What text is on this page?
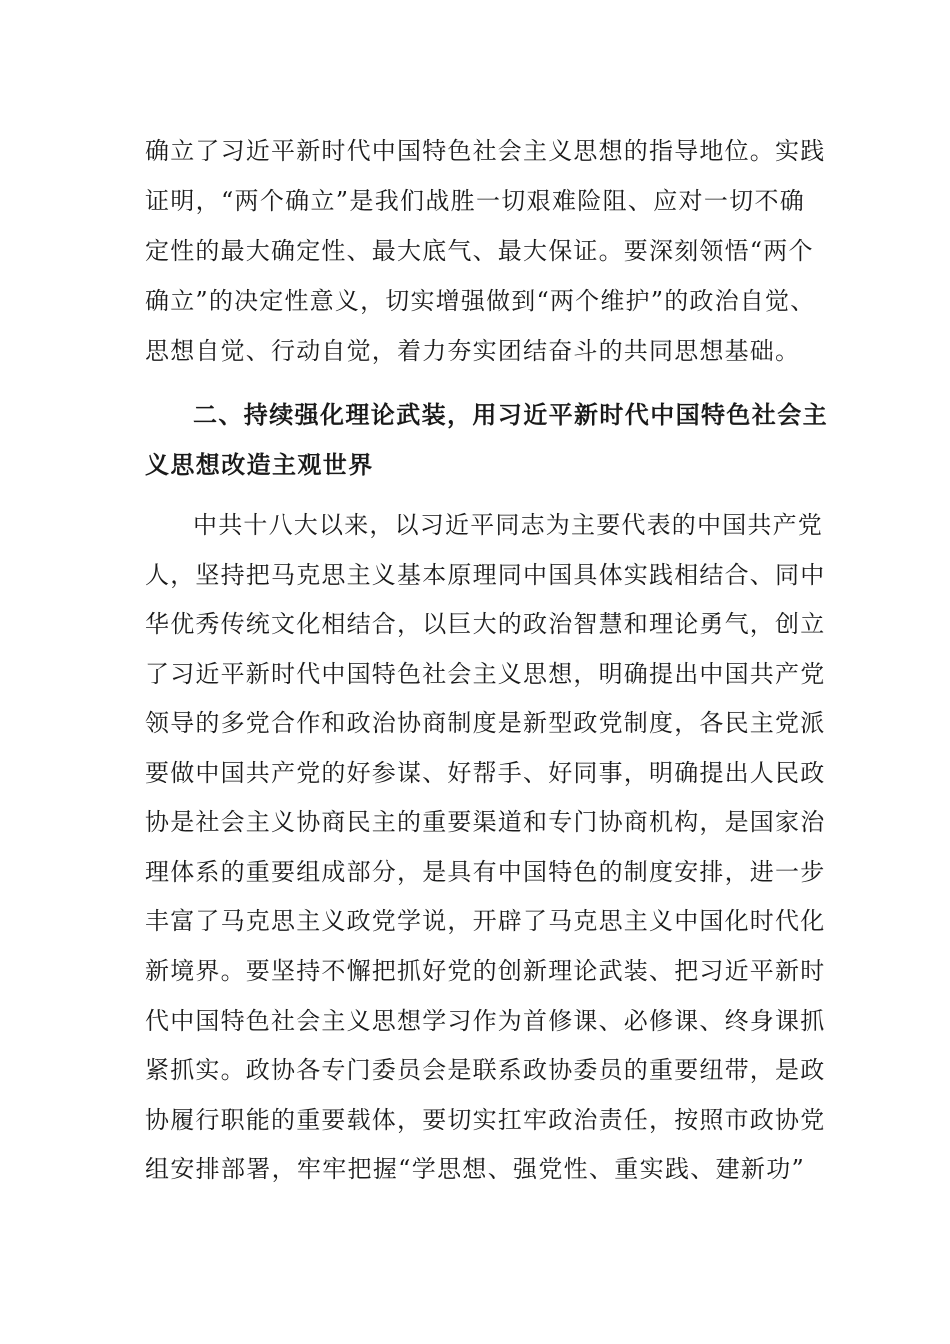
确立了习近平新时代中国特色社会主义思想的指导地位。实践
证明，“两个确立”是我们战胜一切艰难险阻、应对一切不确
定性的最大确定性、最大底气、最大保证。要深刻领悟“两个
确立”的决定性意义，切实增强做到“两个维护”的政治自觉、
思想自觉、行动自觉，着力夯实团结奋斗的共同思想基础。
二、持续强化理论武装，用习近平新时代中国特色社会主
义思想改造主观世界
中共十八大以来，以习近平同志为主要代表的中国共产党
人，坚持把马克思主义基本原理同中国具体实践相结合、同中
华优秀传统文化相结合，以巨大的政治智慧和理论勇气，创立
了习近平新时代中国特色社会主义思想，明确提出中国共产党
领导的多党合作和政治协商制度是新型政党制度，各民主党派
要做中国共产党的好参谋、好帮手、好同事，明确提出人民政
协是社会主义协商民主的重要渠道和专门协商机构，是国家治
理体系的重要组成部分，是具有中国特色的制度安排，进一步
丰富了马克思主义政党学说，开辟了马克思主义中国化时代化
新境界。要坚持不懈把抓好党的创新理论武装、把习近平新时
代中国特色社会主义思想学习作为首修课、必修课、终身课抓
紧抓实。政协各专门委员会是联系政协委员的重要纽带，是政
协履行职能的重要载体，要切实扛牢政治责任，按照市政协党
组安排部署，牢牢把握“学思想、强党性、重实践、建新功”
